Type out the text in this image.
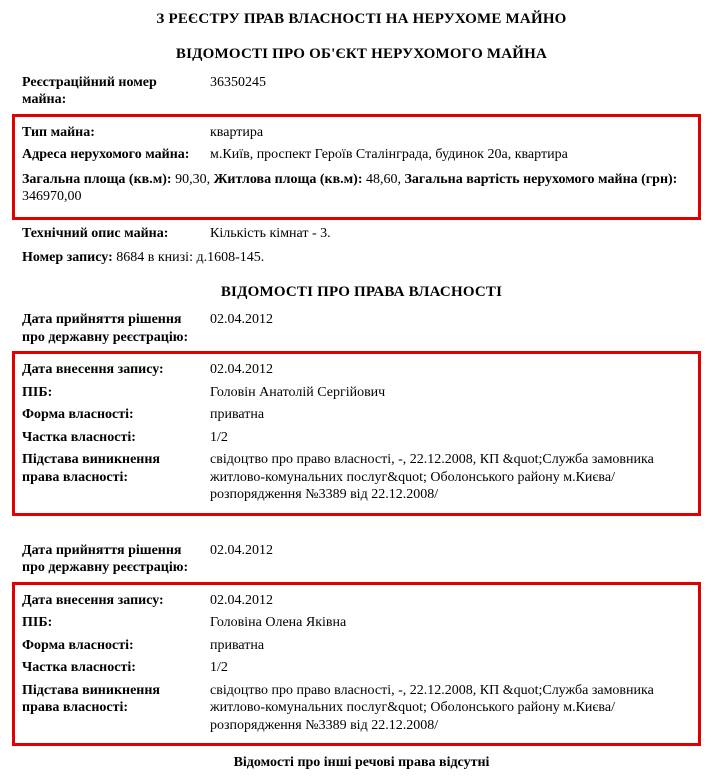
З РЕЄСТРУ ПРАВ ВЛАСНОСТІ НА НЕРУХОМЕ МАЙНО
ВІДОМОСТІ ПРО ОБ'ЄКТ НЕРУХОМОГО МАЙНА
Реєстраційний номер майна:
36350245
Тип майна:	квартира
Адреса нерухомого майна:	м.Київ, проспект Героїв Сталінграда, будинок 20а, квартира
Загальна площа (кв.м): 90,30, Житлова площа (кв.м): 48,60, Загальна вартість нерухомого майна (грн): 346970,00
Технічний опис майна:	Кількість кімнат - 3.
Номер запису: 8684 в книзі: д.1608-145.
ВІДОМОСТІ ПРО ПРАВА ВЛАСНОСТІ
Дата прийняття рішення про державну реєстрацію:
02.04.2012
Дата внесення запису:	02.04.2012
ПІБ:	Головін Анатолій Сергійович
Форма власності:	приватна
Частка власності:	1/2
Підстава виникнення права власності:
свідоцтво про право власності, -, 22.12.2008, КП &quot;Служба замовника житлово-комунальних послуг&quot; Оболонського району м.Києва/ розпорядження №3389 від 22.12.2008/
Дата прийняття рішення про державну реєстрацію:
02.04.2012
Дата внесення запису:	02.04.2012
ПІБ:	Головіна Олена Яківна
Форма власності:	приватна
Частка власності:	1/2
Підстава виникнення права власності:
свідоцтво про право власності, -, 22.12.2008, КП &quot;Служба замовника житлово-комунальних послуг&quot; Оболонського району м.Києва/ розпорядження №3389 від 22.12.2008/
Відомості про інші речові права відсутні
